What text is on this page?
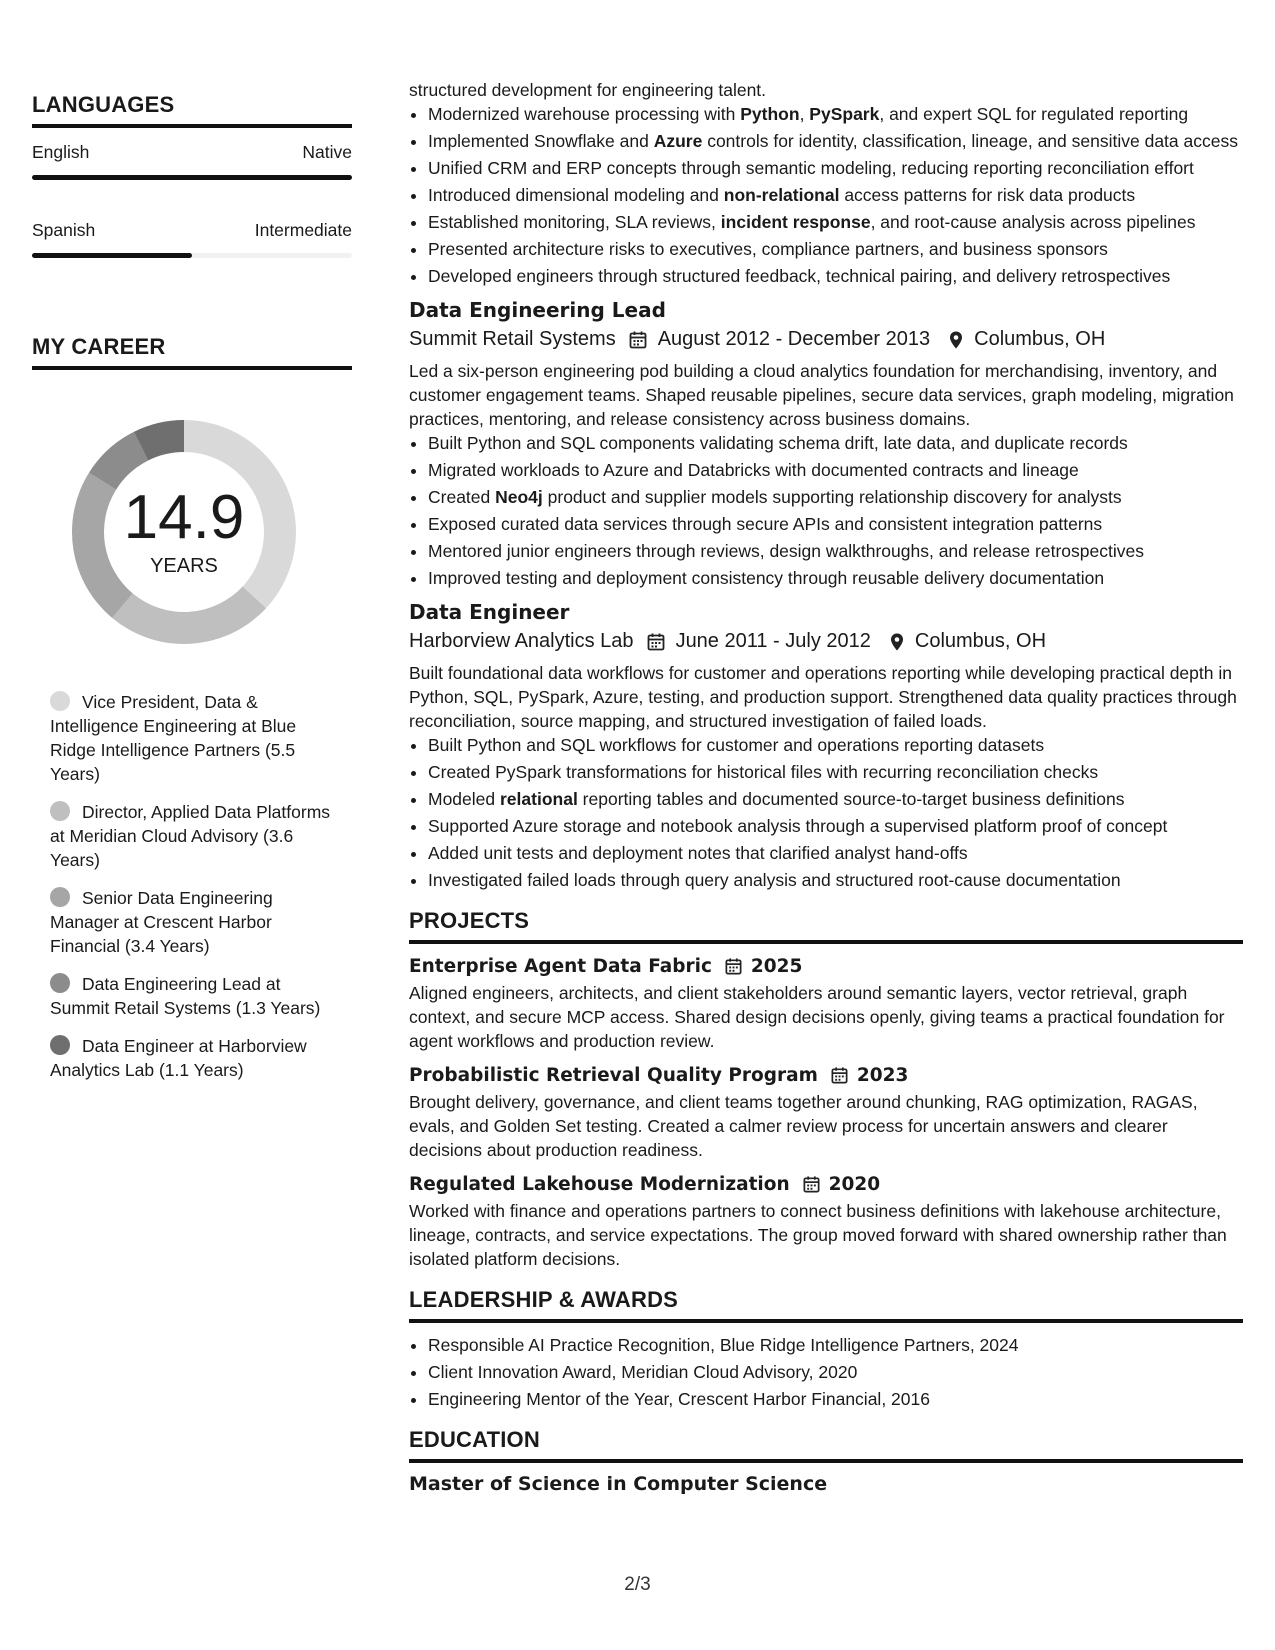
LANGUAGES
English	Native
Spanish	Intermediate
MY CAREER
14.9
YEARS
Vice President, Data & Intelligence Engineering at Blue Ridge Intelligence Partners (5.5 Years)
Director, Applied Data Platforms at Meridian Cloud Advisory (3.6 Years)
Senior Data Engineering Manager at Crescent Harbor Financial (3.4 Years)
Data Engineering Lead at Summit Retail Systems (1.3 Years)
Data Engineer at Harborview Analytics Lab (1.1 Years)

structured development for engineering talent.

• Modernized warehouse processing with Python, PySpark, and expert SQL for regulated reporting
• Implemented Snowflake and Azure controls for identity, classification, lineage, and sensitive data access
• Unified CRM and ERP concepts through semantic modeling, reducing reporting reconciliation effort
• Introduced dimensional modeling and non-relational access patterns for risk data products
• Established monitoring, SLA reviews, incident response, and root-cause analysis across pipelines
• Presented architecture risks to executives, compliance partners, and business sponsors
• Developed engineers through structured feedback, technical pairing, and delivery retrospectives
Data Engineering Lead
Summit Retail Systems August 2012 - December 2013 Columbus, OH

Led a six-person engineering pod building a cloud analytics foundation for merchandising, inventory, and customer engagement teams. Shaped reusable pipelines, secure data services, graph modeling, migration practices, mentoring, and release consistency across business domains.

• Built Python and SQL components validating schema drift, late data, and duplicate records
• Migrated workloads to Azure and Databricks with documented contracts and lineage
• Created Neo4j product and supplier models supporting relationship discovery for analysts
• Exposed curated data services through secure APIs and consistent integration patterns
• Mentored junior engineers through reviews, design walkthroughs, and release retrospectives
• Improved testing and deployment consistency through reusable delivery documentation
Data Engineer
Harborview Analytics Lab June 2011 - July 2012 Columbus, OH

Built foundational data workflows for customer and operations reporting while developing practical depth in Python, SQL, PySpark, Azure, testing, and production support. Strengthened data quality practices through reconciliation, source mapping, and structured investigation of failed loads.

• Built Python and SQL workflows for customer and operations reporting datasets
• Created PySpark transformations for historical files with recurring reconciliation checks
• Modeled relational reporting tables and documented source-to-target business definitions
• Supported Azure storage and notebook analysis through a supervised platform proof of concept
• Added unit tests and deployment notes that clarified analyst hand-offs
• Investigated failed loads through query analysis and structured root-cause documentation
PROJECTS
Enterprise Agent Data Fabric 2025

Aligned engineers, architects, and client stakeholders around semantic layers, vector retrieval, graph context, and secure MCP access. Shared design decisions openly, giving teams a practical foundation for agent workflows and production review.

Probabilistic Retrieval Quality Program 2023

Brought delivery, governance, and client teams together around chunking, RAG optimization, RAGAS, evals, and Golden Set testing. Created a calmer review process for uncertain answers and clearer decisions about production readiness.

Regulated Lakehouse Modernization 2020

Worked with finance and operations partners to connect business definitions with lakehouse architecture, lineage, contracts, and service expectations. The group moved forward with shared ownership rather than isolated platform decisions.

LEADERSHIP & AWARDS
• Responsible AI Practice Recognition, Blue Ridge Intelligence Partners, 2024
• Client Innovation Award, Meridian Cloud Advisory, 2020
• Engineering Mentor of the Year, Crescent Harbor Financial, 2016
EDUCATION
Master of Science in Computer Science
2/3
